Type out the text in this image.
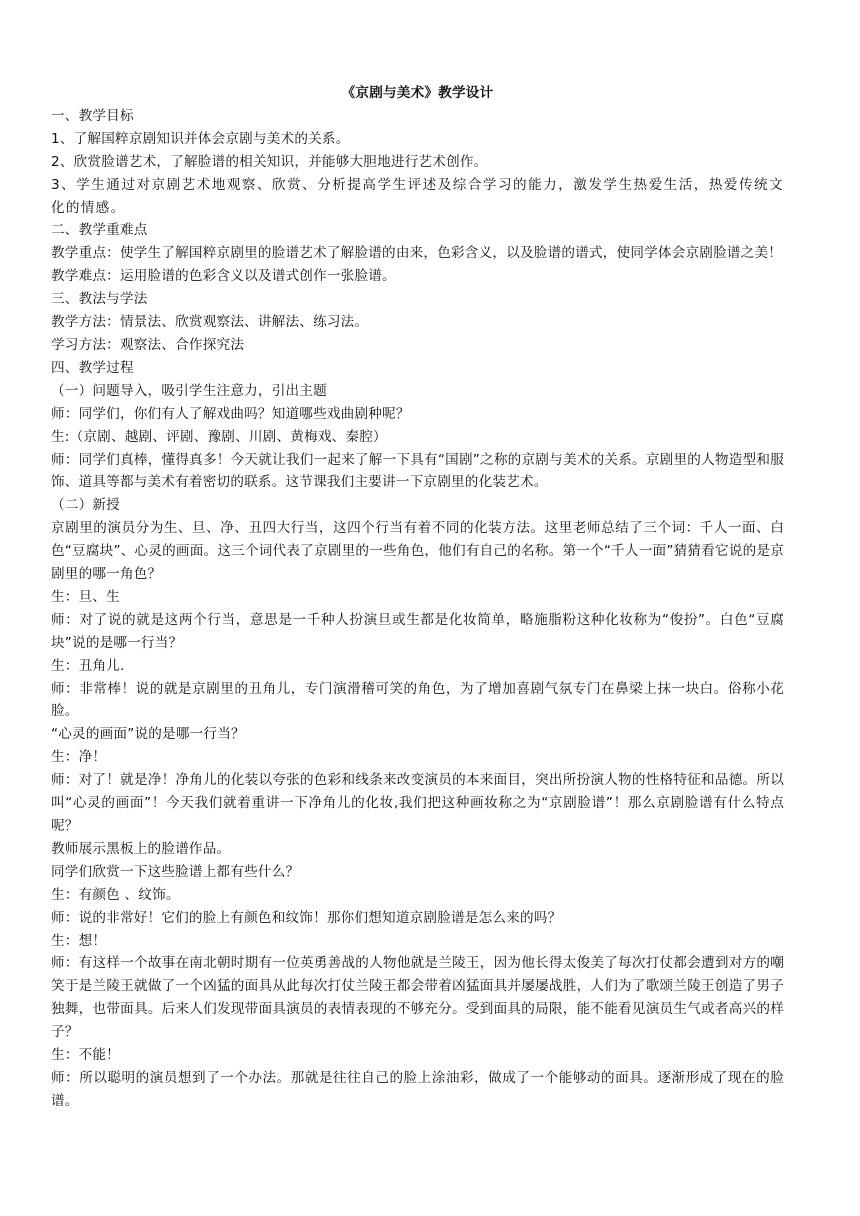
《京剧与美术》教学设计

一、教学目标

1、了解国粹京剧知识并体会京剧与美术的关系。

2、欣赏脸谱艺术，了解脸谱的相关知识，并能够大胆地进行艺术创作。

3、学生通过对京剧艺术地观察、欣赏、分析提高学生评述及综合学习的能力，激发学生热爱生活，热爱传统文化的情感。

二、教学重难点

教学重点：使学生了解国粹京剧里的脸谱艺术了解脸谱的由来，色彩含义，以及脸谱的谱式，使同学体会京剧脸谱之美！

教学难点：运用脸谱的色彩含义以及谱式创作一张脸谱。

三、教法与学法

教学方法：情景法、欣赏观察法、讲解法、练习法。

学习方法：观察法、合作探究法

四、教学过程

（一）问题导入，吸引学生注意力，引出主题

师：同学们，你们有人了解戏曲吗？知道哪些戏曲剧种呢？

生:（京剧、越剧、评剧、豫剧、川剧、黄梅戏、秦腔）

师：同学们真棒，懂得真多！今天就让我们一起来了解一下具有“国剧”之称的京剧与美术的关系。京剧里的人物造型和服饰、道具等都与美术有着密切的联系。这节课我们主要讲一下京剧里的化装艺术。

（二）新授

京剧里的演员分为生、旦、净、丑四大行当，这四个行当有着不同的化装方法。这里老师总结了三个词：千人一面、白色“豆腐块”、心灵的画面。这三个词代表了京剧里的一些角色，他们有自己的名称。第一个“千人一面”猜猜看它说的是京剧里的哪一角色？

生：旦、生

师：对了说的就是这两个行当，意思是一千种人扮演旦或生都是化妆简单，略施脂粉这种化妆称为“俊扮”。白色“豆腐块”说的是哪一行当？

生：丑角儿.

师：非常棒！说的就是京剧里的丑角儿，专门演滑稽可笑的角色，为了增加喜剧气氛专门在鼻梁上抹一块白。俗称小花脸。

“心灵的画面”说的是哪一行当？

生：净！

师：对了！就是净！净角儿的化装以夸张的色彩和线条来改变演员的本来面目，突出所扮演人物的性格特征和品德。所以叫“心灵的画面”！今天我们就着重讲一下净角儿的化妆,我们把这种画妆称之为“京剧脸谱”！那么京剧脸谱有什么特点呢？

教师展示黑板上的脸谱作品。

同学们欣赏一下这些脸谱上都有些什么？

生：有颜色 、纹饰。

师：说的非常好！它们的脸上有颜色和纹饰！那你们想知道京剧脸谱是怎么来的吗？

生：想！

师：有这样一个故事在南北朝时期有一位英勇善战的人物他就是兰陵王，因为他长得太俊美了每次打仗都会遭到对方的嘲笑于是兰陵王就做了一个凶猛的面具从此每次打仗兰陵王都会带着凶猛面具并屡屡战胜，人们为了歌颂兰陵王创造了男子独舞，也带面具。后来人们发现带面具演员的表情表现的不够充分。受到面具的局限，能不能看见演员生气或者高兴的样子？

生：不能！

师：所以聪明的演员想到了一个办法。那就是往往自己的脸上涂油彩，做成了一个能够动的面具。逐渐形成了现在的脸谱。
